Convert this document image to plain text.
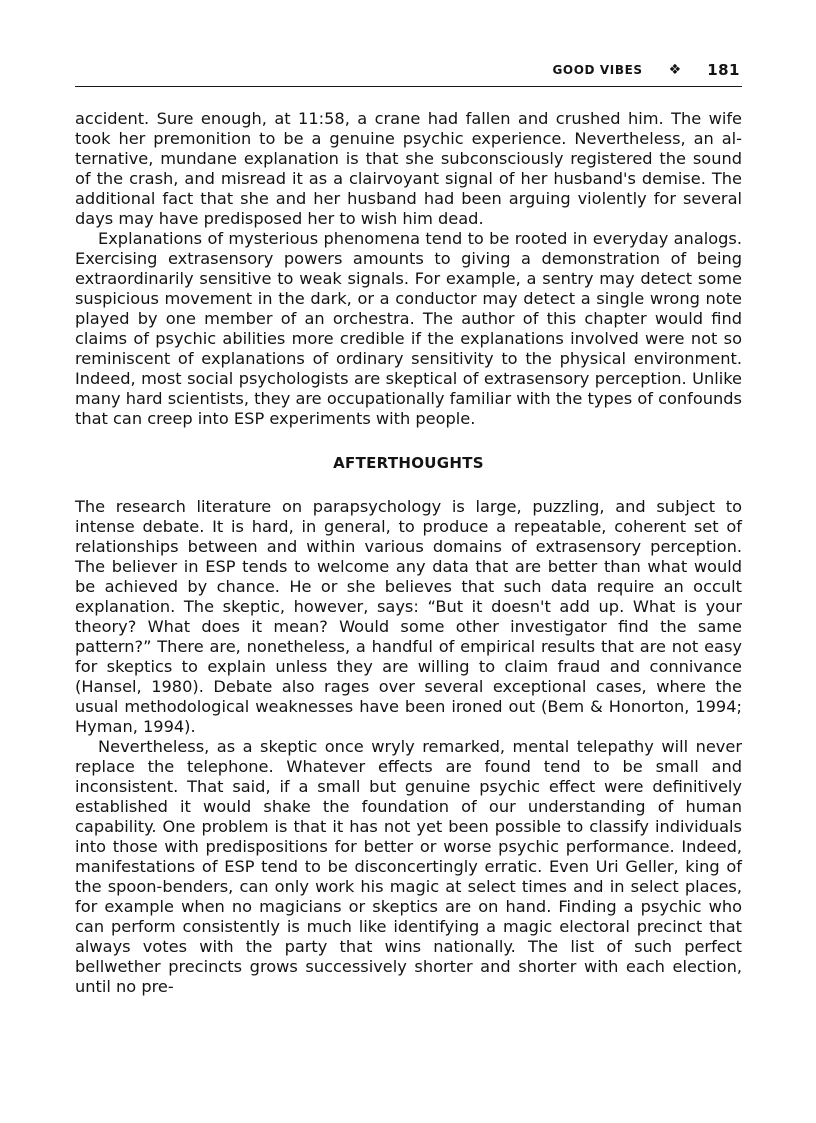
GOOD VIBES ❖ 181

accident. Sure enough, at 11:58, a crane had fallen and crushed him. The wife took her premonition to be a genuine psychic experience. Nevertheless, an alternative, mundane explanation is that she subconsciously registered the sound of the crash, and misread it as a clairvoyant signal of her husband's demise. The additional fact that she and her husband had been arguing violently for several days may have predisposed her to wish him dead.

Explanations of mysterious phenomena tend to be rooted in everyday analogs. Exercising extrasensory powers amounts to giving a demonstration of being extraordinarily sensitive to weak signals. For example, a sentry may detect some suspicious movement in the dark, or a conductor may detect a single wrong note played by one member of an orchestra. The author of this chapter would find claims of psychic abilities more credible if the explanations involved were not so reminiscent of explanations of ordinary sensitivity to the physical environment. Indeed, most social psychologists are skeptical of extrasensory perception. Unlike many hard scientists, they are occupationally familiar with the types of confounds that can creep into ESP experiments with people.

AFTERTHOUGHTS

The research literature on parapsychology is large, puzzling, and subject to intense debate. It is hard, in general, to produce a repeatable, coherent set of relationships between and within various domains of extrasensory perception. The believer in ESP tends to welcome any data that are better than what would be achieved by chance. He or she believes that such data require an occult explanation. The skeptic, however, says: “But it doesn't add up. What is your theory? What does it mean? Would some other investigator find the same pattern?” There are, nonetheless, a handful of empirical results that are not easy for skeptics to explain unless they are willing to claim fraud and connivance (Hansel, 1980). Debate also rages over several exceptional cases, where the usual methodological weaknesses have been ironed out (Bem & Honorton, 1994; Hyman, 1994).

Nevertheless, as a skeptic once wryly remarked, mental telepathy will never replace the telephone. Whatever effects are found tend to be small and inconsistent. That said, if a small but genuine psychic effect were definitively established it would shake the foundation of our understanding of human capability. One problem is that it has not yet been possible to classify individuals into those with predispositions for better or worse psychic performance. Indeed, manifestations of ESP tend to be disconcertingly erratic. Even Uri Geller, king of the spoon-benders, can only work his magic at select times and in select places, for example when no magicians or skeptics are on hand. Finding a psychic who can perform consistently is much like identifying a magic electoral precinct that always votes with the party that wins nationally. The list of such perfect bellwether precincts grows successively shorter and shorter with each election, until no pre-
